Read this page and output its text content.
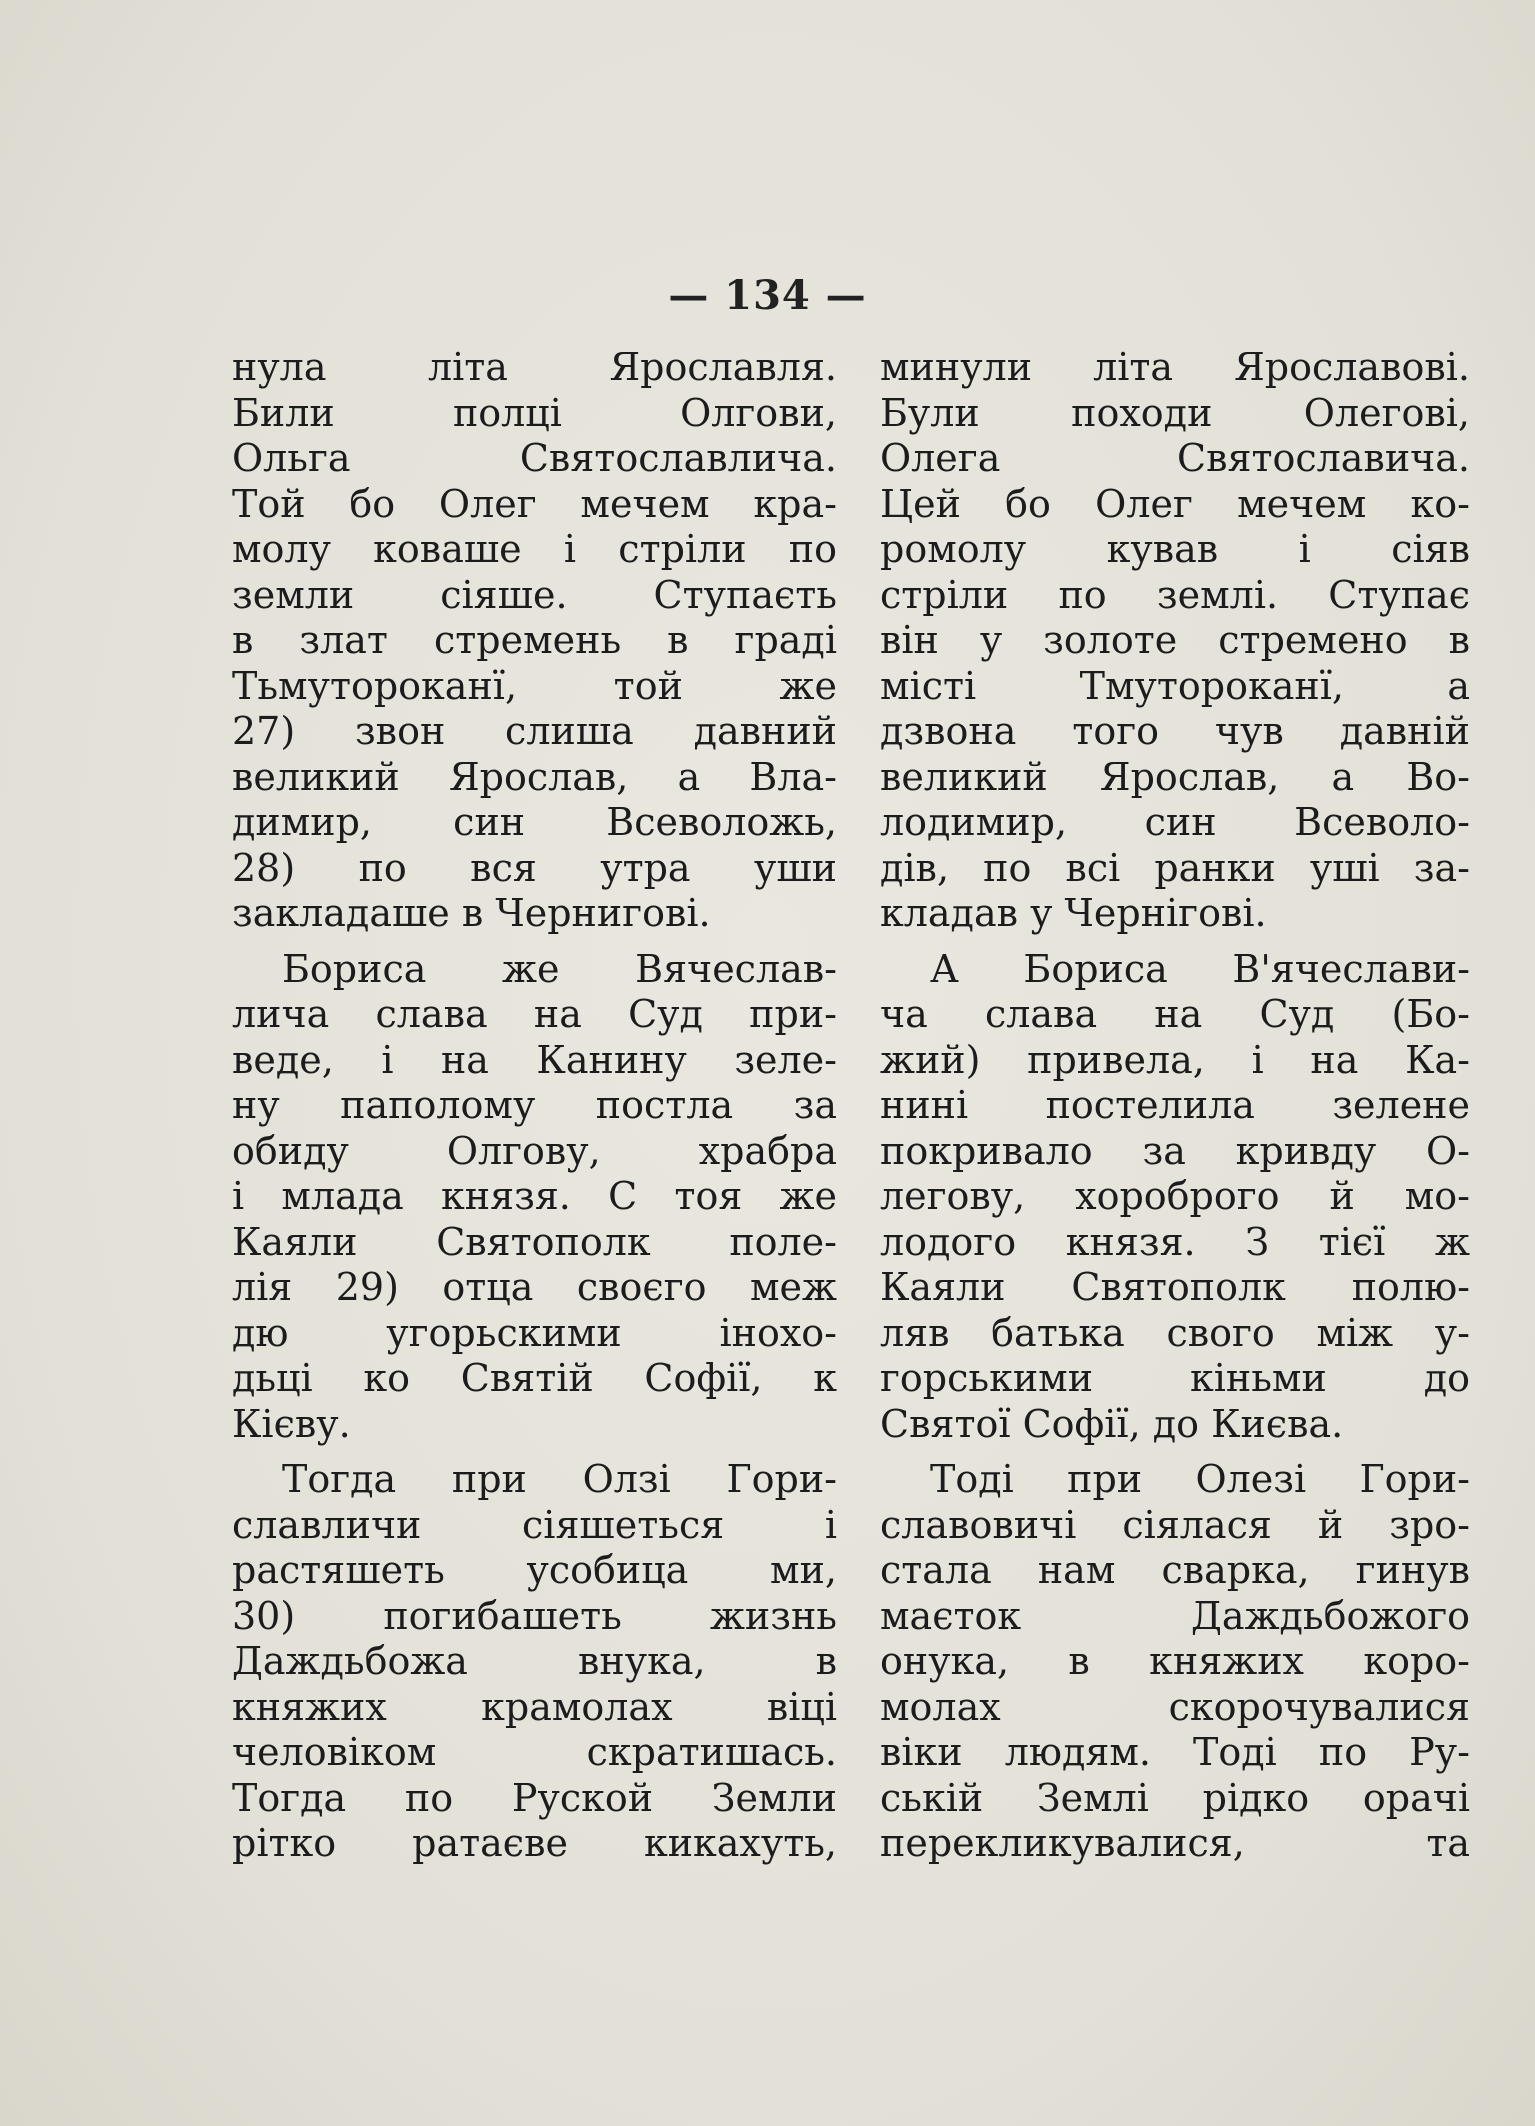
— 134 —
нула літа Ярославля.
Били полці Олгови,
Ольга Святославлича.
Той бо Олег мечем кра-
молу коваше і стріли по
земли сіяше. Ступаєть
в злат стремень в граді
Тьмутороканї, той же
27) звон слиша давний
великий Ярослав, а Вла-
димир, син Всеволожь,
28) по вся утра уши
закладаше в Чернигові.
Бориса же Вячеслав-
лича слава на Суд при-
веде, і на Канину зеле-
ну паполому постла за
обиду Олгову, храбра
і млада князя. С тоя же
Каяли Святополк поле-
лія 29) отца своєго меж
дю угорьскими інохо-
дьці ко Святій Софії, к
Кієву.
Тогда при Олзі Гори-
славличи сіяшеться і
растяшеть усобица ми,
30) погибашеть жизнь
Даждьбожа внука, в
княжих крамолах віці
человіком скратишась.
Тогда по Руской Земли
рітко ратаєве кикахуть,
минули літа Ярославові.
Були походи Олегові,
Олега Святославича.
Цей бо Олег мечем ко-
ромолу кував і сіяв
стріли по землі. Ступає
він у золоте стремено в
місті Тмутороканї, а
дзвона того чув давній
великий Ярослав, а Во-
лодимир, син Всеволо-
дів, по всі ранки уші за-
кладав у Чернігові.
А Бориса В'ячеслави-
ча слава на Суд (Бо-
жий) привела, і на Ка-
нині постелила зелене
покривало за кривду О-
легову, хороброго й мо-
лодого князя. З тієї ж
Каяли Святополк полю-
ляв батька свого між у-
горськими кіньми до
Святої Софії, до Києва.
Тоді при Олезі Гори-
славовичі сіялася й зро-
стала нам сварка, гинув
маєток Даждьбожого
онука, в княжих коро-
молах скорочувалися
віки людям. Тоді по Ру-
ській Землі рідко орачі
перекликувалися, та
